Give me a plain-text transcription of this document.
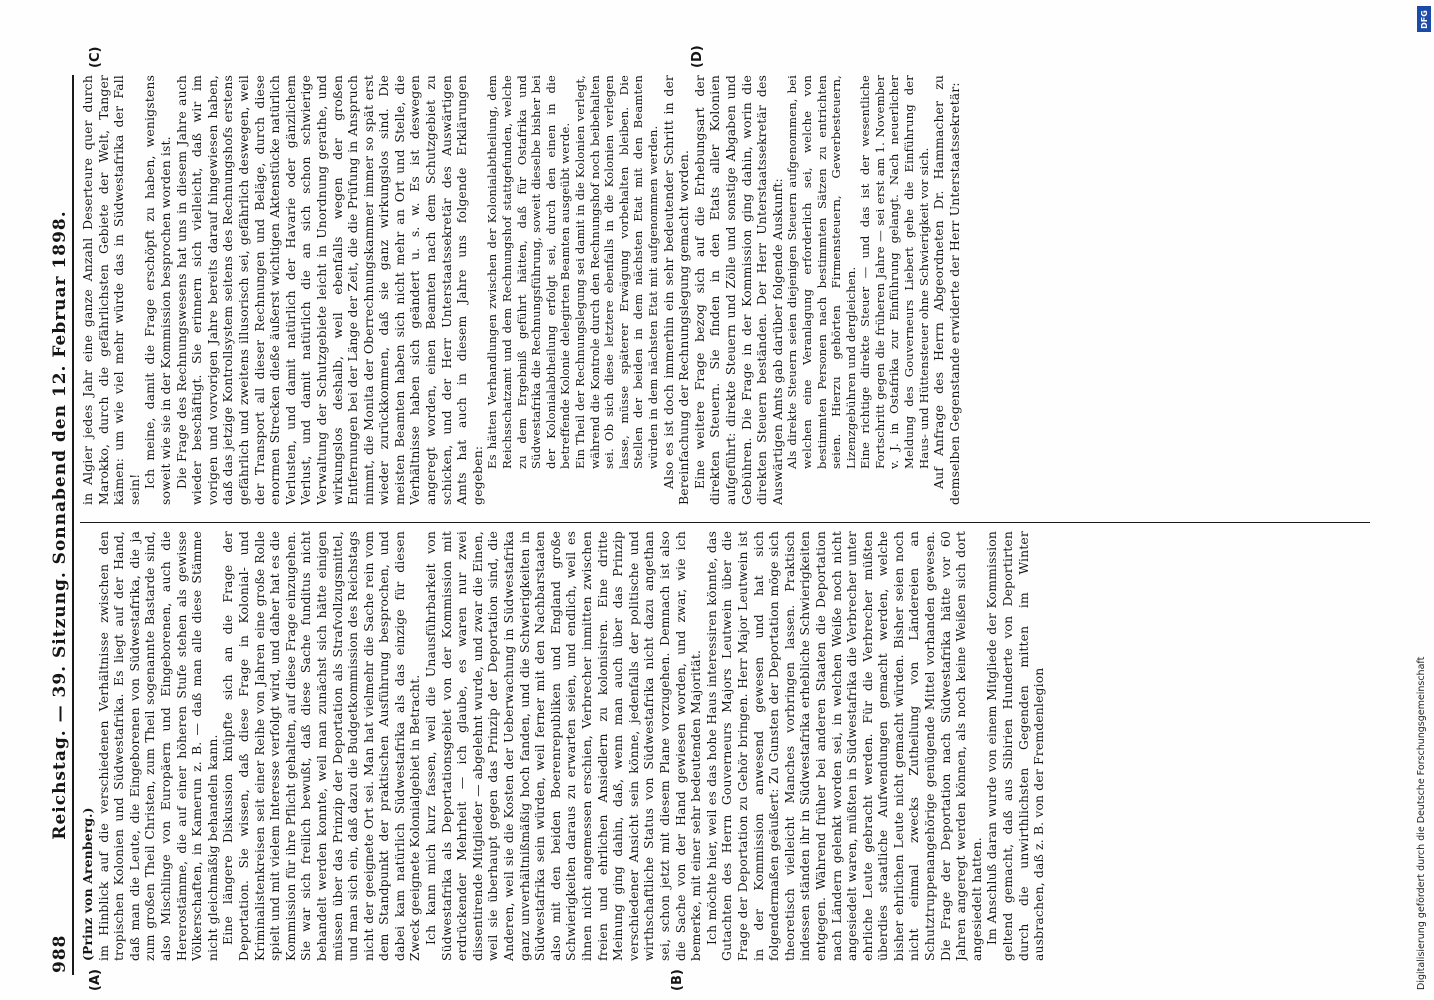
988
Reichstag. — 39. Sitzung. Sonnabend den 12. Februar 1898.
(A)	(B)
(C)	(D)

(Prinz von Arenberg.) im Hinblick auf die verschiedenen Verhältnisse zwischen den tropischen Kolonien und Südwestafrika. Es liegt auf der Hand, daß man die Leute, die Eingeborenen von Südwestafrika, die ja zum großen Theil Christen, zum Theil sogenannte Bastarde sind, also Mischlinge von Europäern und Eingeborenen, auch die Hererostämme, die auf einer höheren Stufe stehen als gewisse Völkerschaften, in Kamerun z. B. — daß man alle diese Stämme nicht gleichmäßig behandeln kann. Eine längere Diskussion knüpfte sich an die Frage der Deportation. Sie wissen, daß diese Frage in Kolonial- und Kriminalistenkreisen seit einer Reihe von Jahren eine große Rolle spielt und mit vielem Interesse verfolgt wird, und daher hat es die Kommission für ihre Pflicht gehalten, auf diese Frage einzugehen. Sie war sich freilich bewußt, daß diese Sache funditus nicht behandelt werden konnte, weil man zunächst sich hätte einigen müssen über das Prinzip der Deportation als Strafvollzugsmittel, und man sich ein, daß dazu die Budgetkommission des Reichstags nicht der geeignete Ort sei. Man hat vielmehr die Sache rein vom dem Standpunkt der praktischen Ausführung besprochen, und dabei kam natürlich Südwestafrika als das einzige für diesen Zweck geeignete Kolonialgebiet in Betracht. Ich kann mich kurz fassen, weil die Unausführbarkeit von Südwestafrika als Deportationsgebiet von der Kommission mit erdrückender Mehrheit — ich glaube, es waren nur zwei dissentirende Mitglieder — abgelehnt wurde, und zwar die Einen, weil sie überhaupt gegen das Prinzip der Deportation sind, die Anderen, weil sie die Kosten der Ueberwachung in Südwestafrika ganz unverhältnißmäßig hoch fanden, und die Schwierigkeiten in Südwestafrika sein würden, weil ferner mit den Nachbarstaaten also mit den beiden Boerenrepubliken und England große Schwierigkeiten daraus zu erwarten seien, und endlich, weil es ihnen nicht angemessen erschien, Verbrecher inmitten zwischen freien und ehrlichen Ansiedlern zu kolonisiren. Eine dritte Meinung ging dahin, daß, wenn man auch über das Prinzip verschiedener Ansicht sein könne, jedenfalls der politische und wirthschaftliche Status von Südwestafrika nicht dazu angethan sei, schon jetzt mit diesem Plane vorzugehen. Demnach ist also die Sache von der Hand gewiesen worden, und zwar, wie ich bemerke, mit einer sehr bedeutenden Majorität. Ich möchte hier, weil es das hohe Haus interessiren könnte, das Gutachten des Herrn Gouverneurs Majors Leutwein über die Frage der Deportation zu Gehör bringen. Herr Major Leutwein ist in der Kommission anwesend gewesen und hat sich folgendermaßen geäußert: Zu Gunsten der Deportation möge sich theoretisch vielleicht Manches vorbringen lassen. Praktisch indessen ständen ihr in Südwestafrika erhebliche Schwierigkeiten entgegen. Während früher bei anderen Staaten die Deportation nach Ländern gelenkt worden sei, in welchen Weiße noch nicht angesiedelt waren, müßten in Südwestafrika die Verbrecher unter ehrliche Leute gebracht werden. Für die Verbrecher müßten überdies staatliche Aufwendungen gemacht werden, welche bisher ehrlichen Leute nicht gemacht würden. Bisher seien noch nicht einmal zwecks Zutheilung von Ländereien an Schutztruppenangehörige genügende Mittel vorhanden gewesen. Die Frage der Deportation nach Südwestafrika hätte vor 60 Jahren angeregt werden können, als noch keine Weißen sich dort angesiedelt hatten. Im Anschluß daran wurde von einem Mitgliede der Kommission geltend gemacht, daß aus Sibirien Hunderte von Deportirten durch die unwirthlichsten Gegenden mitten im Winter ausbrachen, daß z. B. von der Fremdenlegion

in Algier jedes Jahr eine ganze Anzahl Deserteure quer durch Marokko, durch die gefährlichsten Gebiete der Welt, Tanger kämen: um wie viel mehr würde das in Südwestafrika der Fall sein!

Ich meine, damit die Frage erschöpft zu haben, wenigstens soweit wie sie in der Kommission besprochen worden ist. Die Frage des Rechnungswesens hat uns in diesem Jahre auch wieder beschäftigt. Sie erinnern sich vielleicht, daß wir im vorigen und vorvorigen Jahre bereits darauf hingewiesen haben, daß das jetzige Kontrollsystem seitens des Rechnungshofs erstens gefährlich und zweitens illusorisch sei, gefährlich deswegen, weil der Transport all dieser Rechnungen und Beläge, durch diese enormen Strecken dieße äußerst wichtigen Aktenstücke natürlich Verlusten, und damit natürlich der Havarie oder gänzlichem Verlust, und damit natürlich die an sich schon schwierige Verwaltung der Schutzgebiete leicht in Unordnung gerathe, und wirkungslos deshalb, weil ebenfalls wegen der großen Entfernungen bei der Länge der Zeit, die die Prüfung in Anspruch nimmt, die Monita der Oberrechnungskammer immer so spät erst wieder zurückkommen, daß sie ganz wirkungslos sind. Die meisten Beamten haben sich nicht mehr an Ort und Stelle, die Verhältnisse haben sich geändert u. s. w. Es ist deswegen angeregt worden, einen Beamten nach dem Schutzgebiet zu schicken, und der Herr Unterstaatssekretär des Auswärtigen Amts hat auch in diesem Jahre uns folgende Erklärungen gegeben:

Es hätten Verhandlungen zwischen der Kolonialabtheilung, dem Reichsschatzamt und dem Rechnungshof stattgefunden, welche zu dem Ergebniß geführt hätten, daß für Ostafrika und Südwestafrika die Rechnungsführung, soweit dieselbe bisher bei der Kolonialabtheilung erfolgt sei, durch den einen in die betreffende Kolonie delegirten Beamten ausgeübt werde. Ein Theil der Rechnungslegung sei damit in die Kolonien verlegt, während die Kontrole durch den Rechnungshof noch beibehalten sei. Ob sich diese letztere ebenfalls in die Kolonien verlegen lasse, müsse späterer Erwägung vorbehalten bleiben. Die Stellen der beiden in dem nächsten Etat mit den Beamten würden in dem nächsten Etat mit aufgenommen werden. Also es ist doch immerhin ein sehr bedeutender Schritt in der Bereinfachung der Rechnungslegung gemacht worden. Eine weitere Frage bezog sich auf die Erhebungsart der direkten Steuern. Sie finden in den Etats aller Kolonien aufgeführt: direkte Steuern und Zölle und sonstige Abgaben und Gebühren. Die Frage in der Kommission ging dahin, worin die direkten Steuern beständen. Der Herr Unterstaatssekretär des Auswärtigen Amts gab darüber folgende Auskunft: Als direkte Steuern seien diejenigen Steuern aufgenommen, bei welchen eine Veranlagung erforderlich sei, welche von bestimmten Personen nach bestimmten Sätzen zu entrichten seien. Hierzu gehörten Firmensteuern, Gewerbesteuern, Lizenzgebühren und dergleichen. Eine richtige direkte Steuer — und das ist der wesentliche Fortschritt gegen die früheren Jahre — sei erst am 1. November v. J. in Ostafrika zur Einführung gelangt. Nach neuerlicher Meldung des Gouverneurs Liebert gehe die Einführung der Haus- und Hüttensteuer ohne Schwierigkeit vor sich. Auf Anfrage des Herrn Abgeordneten Dr. Hammacher zu demselben Gegenstande erwiderte der Herr Unterstaatssekretär:

DFG
Digitalisierung gefördert durch die Deutsche Forschungsgemeinschaft
